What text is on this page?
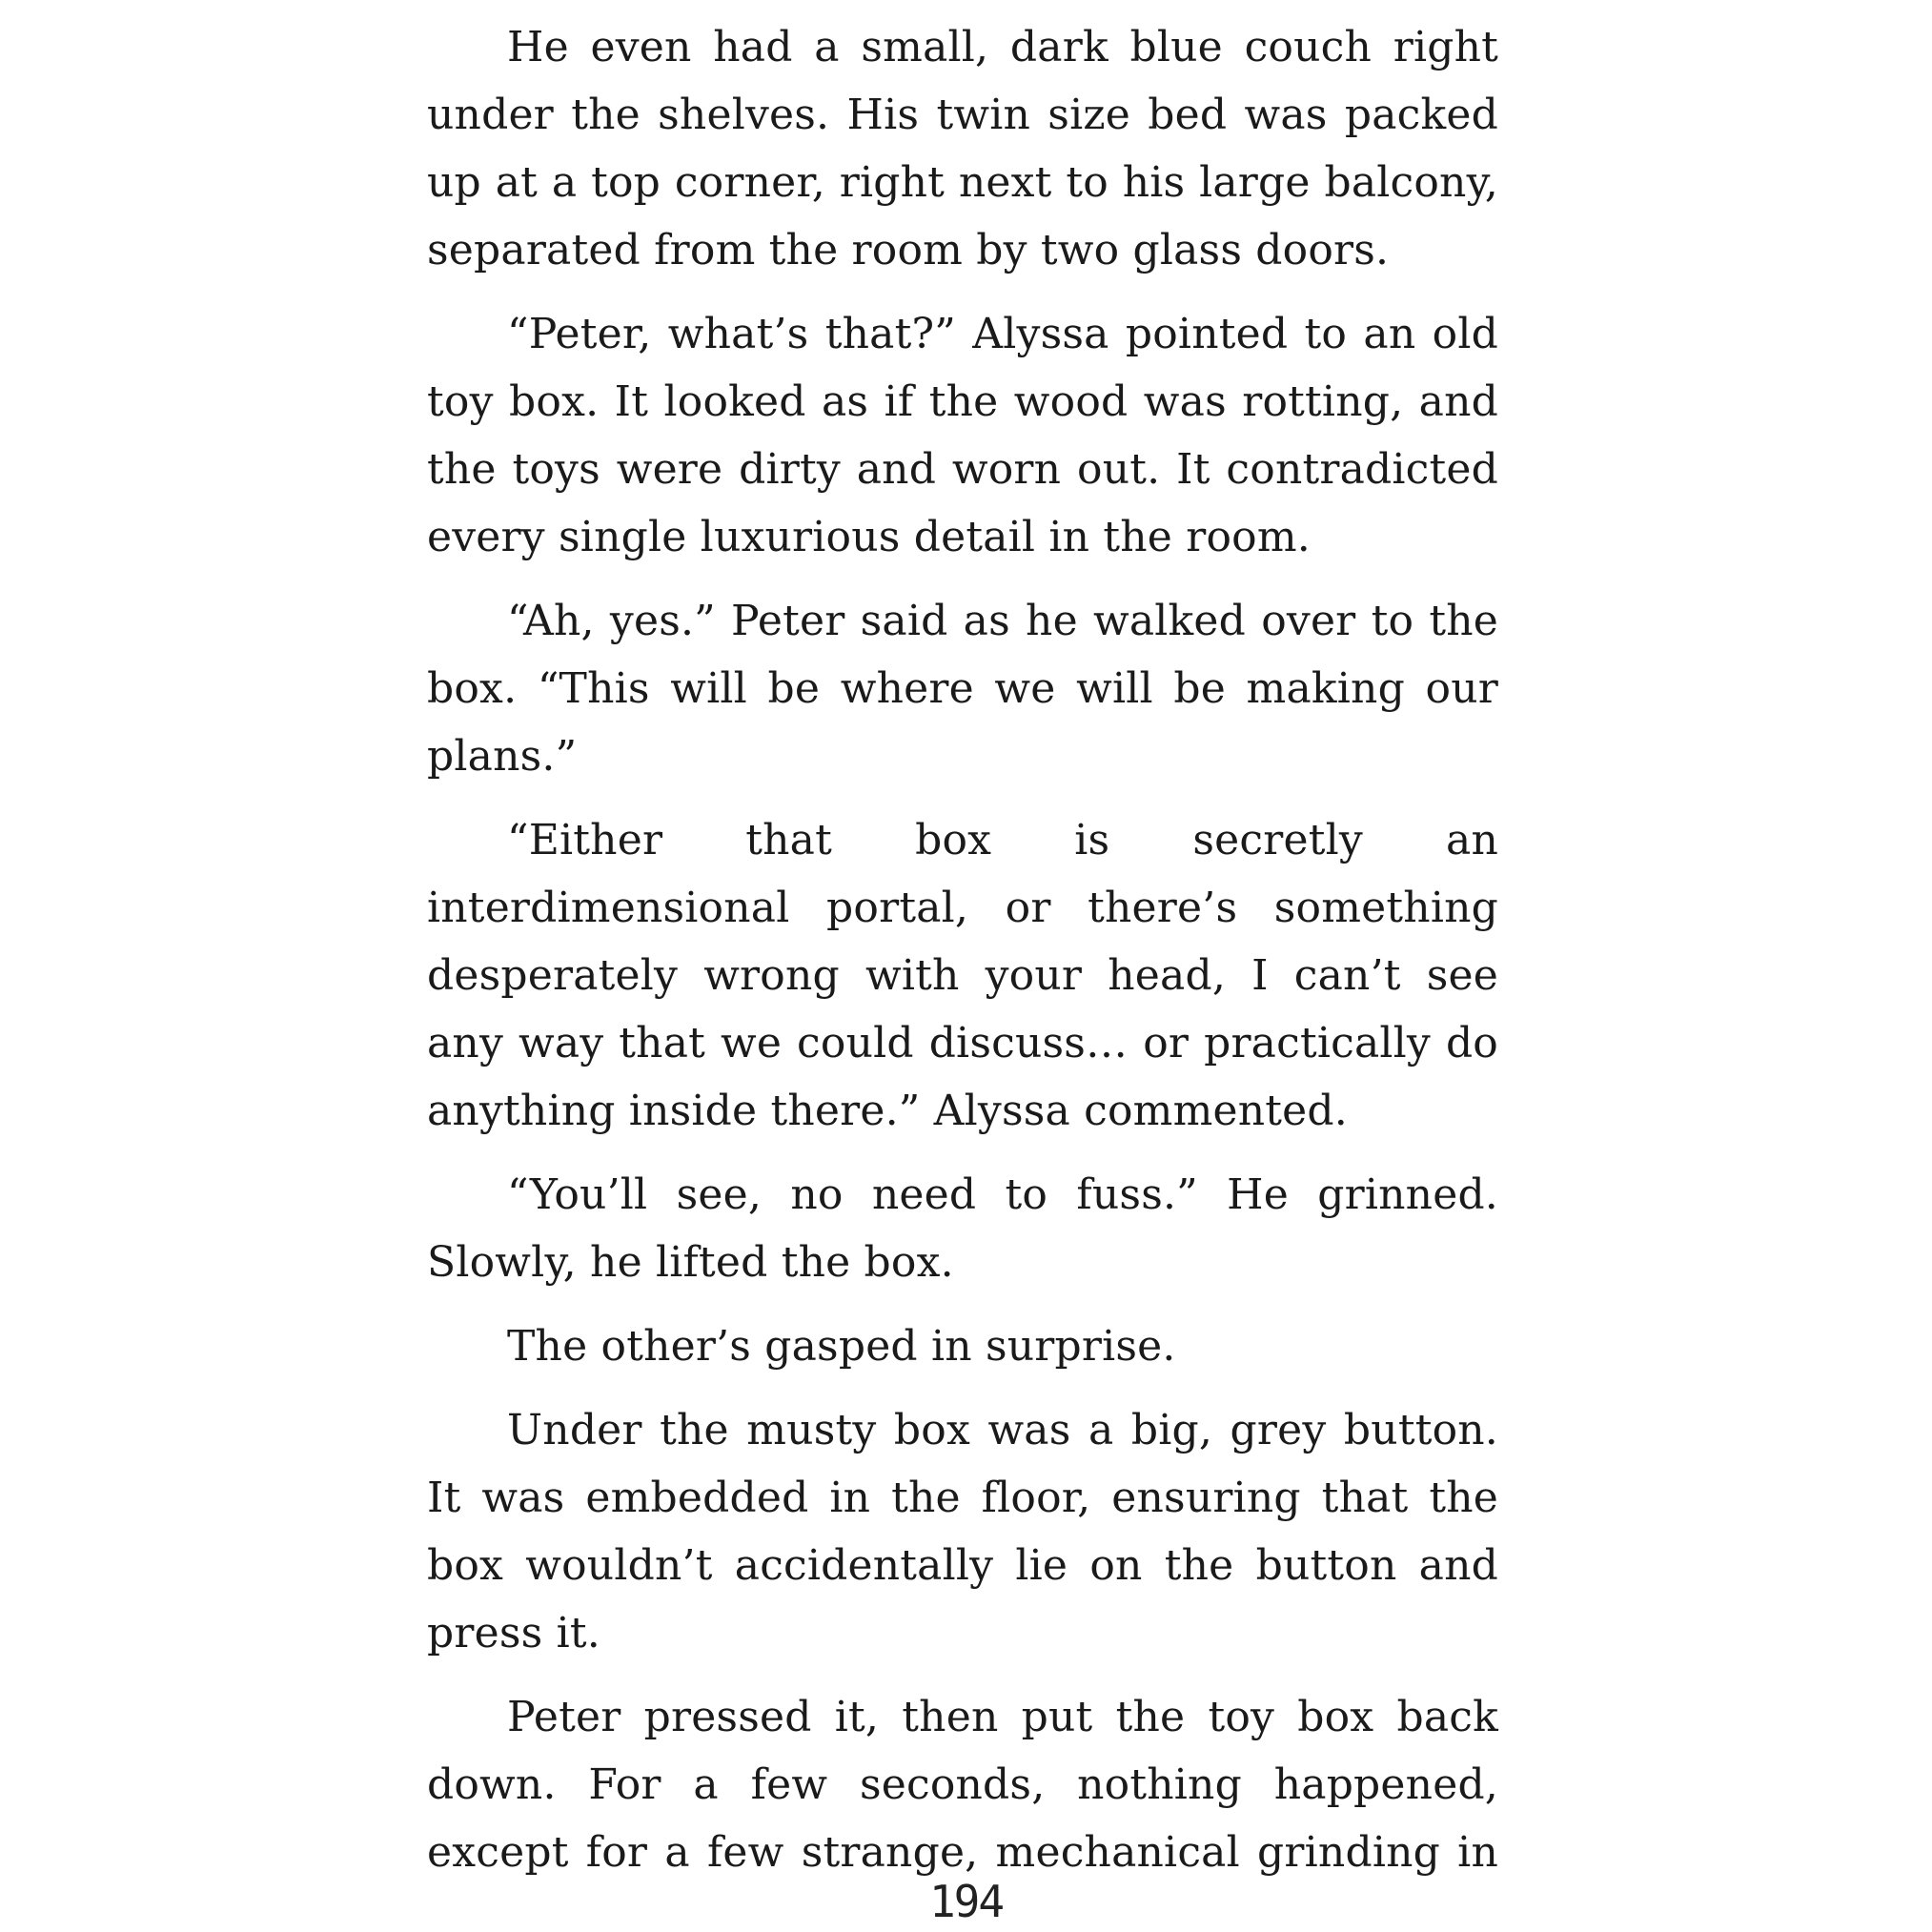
He even had a small, dark blue couch right under the shelves. His twin size bed was packed up at a top corner, right next to his large balcony, separated from the room by two glass doors.

“Peter, what’s that?” Alyssa pointed to an old toy box. It looked as if the wood was rotting, and the toys were dirty and worn out. It contradicted every single luxurious detail in the room.

“Ah, yes.” Peter said as he walked over to the box. “This will be where we will be making our plans.”

“Either that box is secretly an interdimensional portal, or there’s something desperately wrong with your head, I can’t see any way that we could discuss… or practically do anything inside there.” Alyssa commented.

“You’ll see, no need to fuss.” He grinned. Slowly, he lifted the box.

The other’s gasped in surprise.

Under the musty box was a big, grey button. It was embedded in the floor, ensuring that the box wouldn’t accidentally lie on the button and press it.

Peter pressed it, then put the toy box back down. For a few seconds, nothing happened, except for a few strange, mechanical grinding in

194
